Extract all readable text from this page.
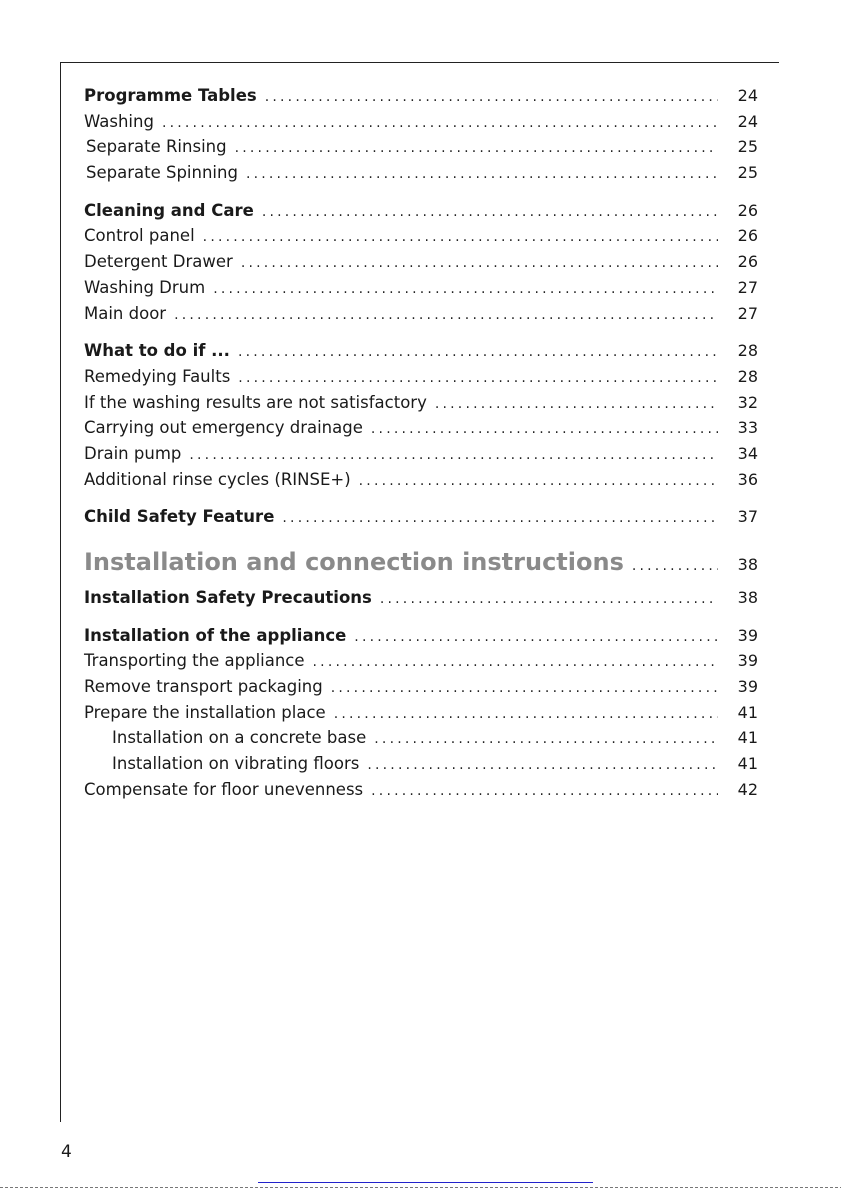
Programme Tables .....	24
Washing .....	24
Separate Rinsing .....	25
Separate Spinning .....	25
Cleaning and Care .....	26
Control panel .....	26
Detergent Drawer .....	26
Washing Drum .....	27
Main door .....	27
What to do if ... .....	28
Remedying Faults .....	28
If the washing results are not satisfactory .....	32
Carrying out emergency drainage .....	33
Drain pump .....	34
Additional rinse cycles (RINSE+) .....	36
Child Safety Feature .....	37
Installation and connection instructions .....	38
Installation Safety Precautions .....	38
Installation of the appliance .....	39
Transporting the appliance .....	39
Remove transport packaging .....	39
Prepare the installation place .....	41
Installation on a concrete base .....	41
Installation on vibrating floors .....	41
Compensate for floor unevenness .....	42
4
